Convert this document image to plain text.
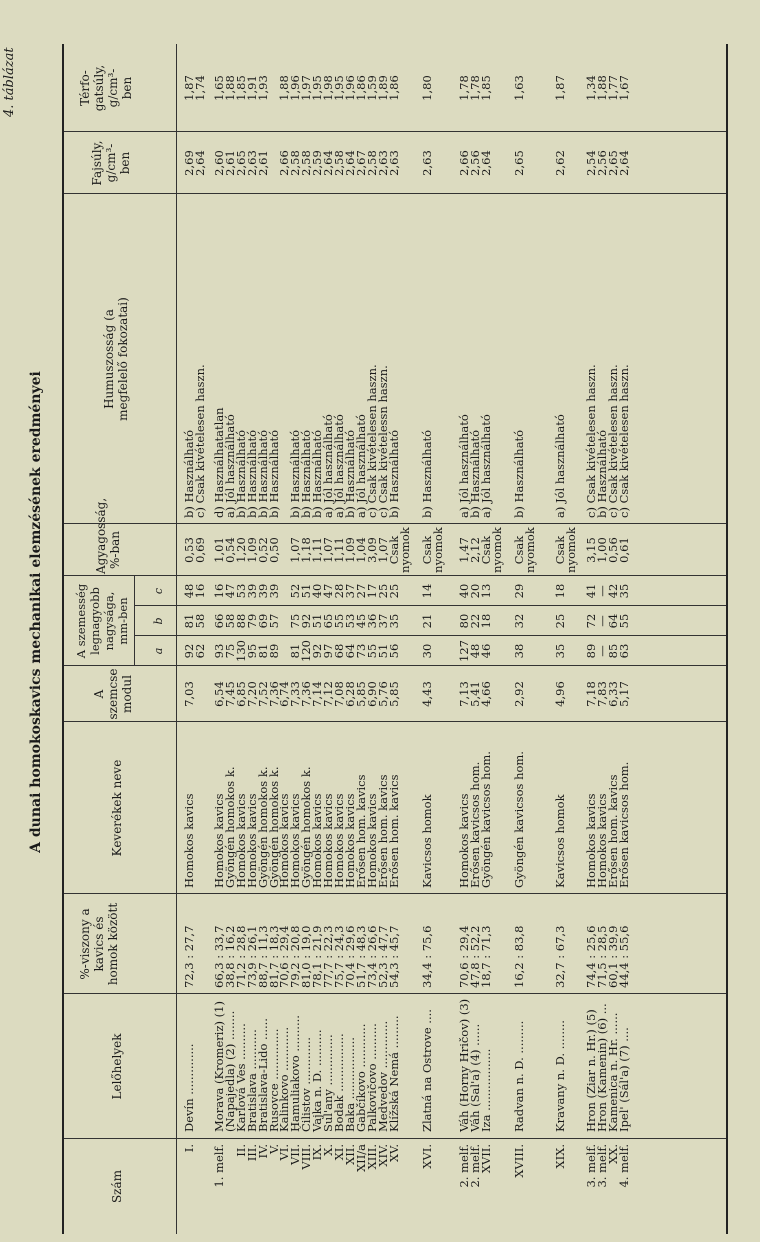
4. táblázat
A dunai homokoskavics mechanikai elemzésének eredményei
Szám
Lelőhelyek
%-viszony a kavics és homok között
Keverékek neve
A szemcse modul
A szemesség legnagyobb nagysága, mm-ben
a
b
c
Agyagosság, %-ban
Humuszosság (a megfelelő fokozatai)
Fajsúly, g/cm³-ben
Térfo-gatsúly, g/cm³-ben
I.
Devín ..............
72,3 : 27,7
Homokos kavics
7,03
92
81
48
0,53
b) Használható
2,69
1,87
62
58
16
0,69
c) Csak kivételesen haszn.
2,64
1,74
1. melf.
Morava (Kromeriz) (1)
66,3 : 33,7
Homokos kavics
6,54
93
66
16
1,01
d) Használhatatlan
2,60
1,65
(Napajedla) (2) ........
38,8 : 16,2
Gyöngén homokos k.
7,45
75
58
47
0,54
a) Jól használható
2,61
1,88
II.
Karlová Ves ..........
71,2 : 28,8
Homokos kavics
6,85
130
88
53
1,20
b) Használható
2,65
1,85
III.
Bratislava ...........
73,9 : 26,1
Homokos kavics
7,20
95
79
39
1,09
b) Használható
2,63
1,91
IV.
Bratislava-Lido ......
88,7 : 11,3
Gyöngén homokos k.
7,52
81
69
39
0,52
b) Használható
2,61
1,93
V.
Rusovce ..............
81,7 : 18,3
Gyöngén homokos k.
7,36
89
57
39
0,50
b) Használható
VI.
Kalinkovo ............
70,6 : 29,4
Homokos kavics
6,74
2,66
1,88
VII.
Hamuliakovo ..........
79,2 : 20,8
Homokos kavics
7,33
81
75
52
1,07
b) Használható
2,58
1,96
VIII.
Čilistov .............
81,0 : 19,0
Gyöngén homokos k.
7,36
120
92
51
1,18
b) Használható
2,58
1,97
IX.
Vajka n. D. ..........
78,1 : 21,9
Homokos kavics
7,14
92
51
40
1,11
b) Használható
2,59
1,95
X.
Sul'any ..............
77,7 : 22,3
Homokos kavics
7,12
97
65
47
1,07
a) Jól használható
2,64
1,98
XI.
Bodak ................
75,7 : 24,3
Homokos kavics
7,08
68
55
28
1,11
a) Jól használható
2,58
1,95
XII.
Baka .................
70,4 : 29,6
Homokos kavics
6,28
64
53
37
1,09
b) Használható
2,64
1,96
XII/a
Gabčíkovo ............
51,7 : 48,3
Erősen hom. kavics
5,85
73
45
27
1,04
a) Jól használható
2,67
1,86
XIII.
Palkovičovo ..........
73,4 : 26,6
Homokos kavics
6,90
55
36
17
3,09
c) Csak kivételesen haszn.
2,58
1,59
XIV.
Medvedov .............
52,3 : 47,7
Erősen hom. kavics
5,76
51
37
25
1,07
c) Csak kivételessn haszn.
2,63
1,89
XV.
Klížská Nemá .........
54,3 : 45,7
Erősen hom. kavics
5,85
56
35
25
Csak
b) Használható
2,63
1,86
nyomok
XVI.
Zlatná na Ostrove ....
34,4 : 75,6
Kavicsos homok
4,43
30
21
14
Csak
b) Használható
2,63
1,80
nyomok
2. melf.
Váh (Horny Hričov) (3)
70,6 : 29,4
Homokos kavics
7,13
127
80
40
1,47
a) Jól használható
2,66
1,78
2. melf.
Váh (Sal'a) (4) ......
47,8 : 52,2
Erősen kavicsos hom.
5,41
48
22
20
2,12
b) Használható
2,56
1,78
XVII.
Iza .................
18,7 : 71,3
Gyöngén kavicsos hom.
4,66
46
18
13
Csak
a) Jól használható
2,64
1,85
nyomok
XVIII.
Radvan n. D. .........
16,2 : 83,8
Gyöngén kavicsos hom.
2,92
38
32
29
Csak
b) Használható
2,65
1,63
nyomok
XIX.
Kravany n. D. ........
32,7 : 67,3
Kavicsos homok
4,96
35
25
18
Csak
a) Jól használható
2,62
1,87
nyomok
3. melf.
Hron (Ziar n. Hr.) (5)
74,4 : 25,6
Homokos kavics
7,18
89
72
41
3,15
c) Csak kivételesen haszn.
2,54
1,34
3. melf.
Hron (Kamenin) (6) ...
71,5 : 28,5
Homokos kavics
7,83
—
—
—
1,00
b) Használható
2,56
1,88
XX.
Kamenica n. Hr. ......
60,1 : 39,9
Erősen hom. kavics
6,33
85
64
42
0,56
c) Csak kivételesen haszn.
2,65
1,77
4. melf.
Ipel' (Sál'a) (7) ....
44,4 : 55,6
Erősen kavicsos hom.
5,17
63
55
35
0,61
c) Csak kivételesen haszn.
2,64
1,67
